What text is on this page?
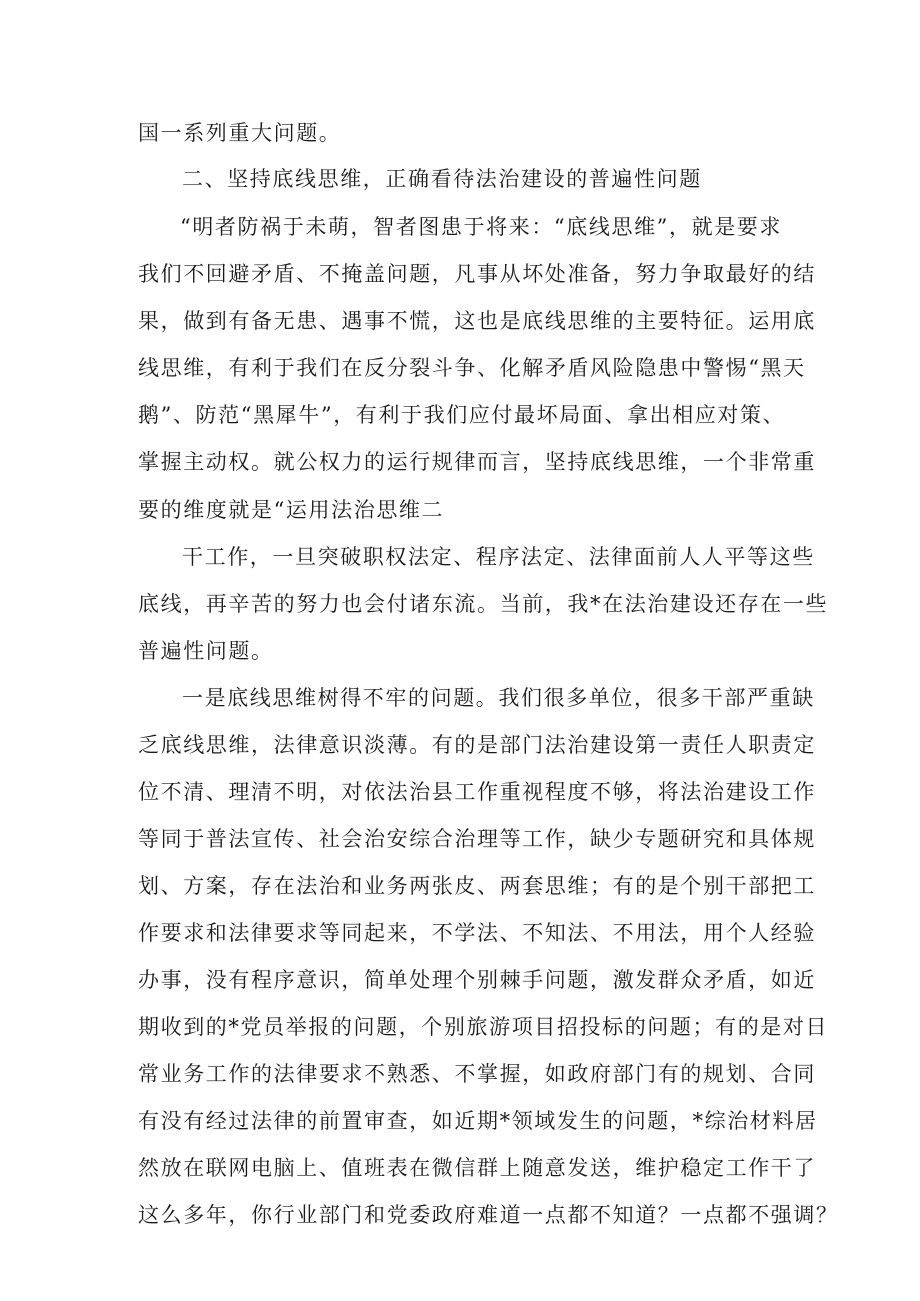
国一系列重大问题。
二、坚持底线思维，正确看待法治建设的普遍性问题
“明者防祸于未萌，智者图患于将来：“底线思维”，就是要求
我们不回避矛盾、不掩盖问题，凡事从坏处准备，努力争取最好的结
果，做到有备无患、遇事不慌，这也是底线思维的主要特征。运用底
线思维，有利于我们在反分裂斗争、化解矛盾风险隐患中警惕“黑天
鹅”、防范“黑犀牛”，有利于我们应付最坏局面、拿出相应对策、
掌握主动权。就公权力的运行规律而言，坚持底线思维，一个非常重
要的维度就是“运用法治思维二
干工作，一旦突破职权法定、程序法定、法律面前人人平等这些
底线，再辛苦的努力也会付诸东流。当前，我*在法治建设还存在一些
普遍性问题。
一是底线思维树得不牢的问题。我们很多单位，很多干部严重缺
乏底线思维，法律意识淡薄。有的是部门法治建设第一责任人职责定
位不清、理清不明，对依法治县工作重视程度不够，将法治建设工作
等同于普法宣传、社会治安综合治理等工作，缺少专题研究和具体规
划、方案，存在法治和业务两张皮、两套思维；有的是个别干部把工
作要求和法律要求等同起来，不学法、不知法、不用法，用个人经验
办事，没有程序意识，简单处理个别棘手问题，激发群众矛盾，如近
期收到的*党员举报的问题，个别旅游项目招投标的问题；有的是对日
常业务工作的法律要求不熟悉、不掌握，如政府部门有的规划、合同
有没有经过法律的前置审查，如近期*领域发生的问题，*综治材料居
然放在联网电脑上、值班表在微信群上随意发送，维护稳定工作干了
这么多年，你行业部门和党委政府难道一点都不知道？一点都不强调？
